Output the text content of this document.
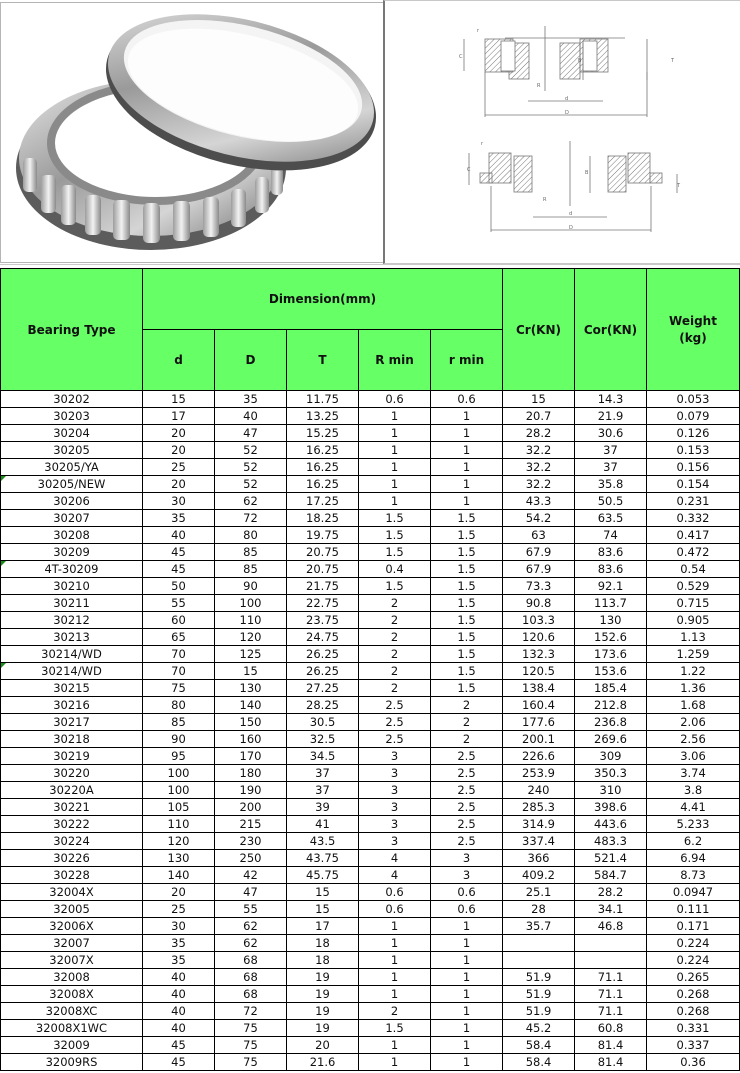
r
C
B	T
R
d
D
r
C	B
T
R
d
D
Bearing Type	Dimension(mm)					Cr(KN)	Cor(KN)	Weight (kg)
	d	D	T	R min	r min			
30202	15	35	11.75	0.6	0.6	15	14.3	0.053
30203	17	40	13.25	1	1	20.7	21.9	0.079
30204	20	47	15.25	1	1	28.2	30.6	0.126
30205	20	52	16.25	1	1	32.2	37	0.153
30205/YA	25	52	16.25	1	1	32.2	37	0.156
30205/NEW	20	52	16.25	1	1	32.2	35.8	0.154
30206	30	62	17.25	1	1	43.3	50.5	0.231
30207	35	72	18.25	1.5	1.5	54.2	63.5	0.332
30208	40	80	19.75	1.5	1.5	63	74	0.417
30209	45	85	20.75	1.5	1.5	67.9	83.6	0.472
4T-30209	45	85	20.75	0.4	1.5	67.9	83.6	0.54
30210	50	90	21.75	1.5	1.5	73.3	92.1	0.529
30211	55	100	22.75	2	1.5	90.8	113.7	0.715
30212	60	110	23.75	2	1.5	103.3	130	0.905
30213	65	120	24.75	2	1.5	120.6	152.6	1.13
30214/WD	70	125	26.25	2	1.5	132.3	173.6	1.259
30214/WD	70	15	26.25	2	1.5	120.5	153.6	1.22
30215	75	130	27.25	2	1.5	138.4	185.4	1.36
30216	80	140	28.25	2.5	2	160.4	212.8	1.68
30217	85	150	30.5	2.5	2	177.6	236.8	2.06
30218	90	160	32.5	2.5	2	200.1	269.6	2.56
30219	95	170	34.5	3	2.5	226.6	309	3.06
30220	100	180	37	3	2.5	253.9	350.3	3.74
30220A	100	190	37	3	2.5	240	310	3.8
30221	105	200	39	3	2.5	285.3	398.6	4.41
30222	110	215	41	3	2.5	314.9	443.6	5.233
30224	120	230	43.5	3	2.5	337.4	483.3	6.2
30226	130	250	43.75	4	3	366	521.4	6.94
30228	140	42	45.75	4	3	409.2	584.7	8.73
32004X	20	47	15	0.6	0.6	25.1	28.2	0.0947
32005	25	55	15	0.6	0.6	28	34.1	0.111
32006X	30	62	17	1	1	35.7	46.8	0.171
32007	35	62	18	1	1			0.224
32007X	35	68	18	1	1			0.224
32008	40	68	19	1	1	51.9	71.1	0.265
32008X	40	68	19	1	1	51.9	71.1	0.268
32008XC	40	72	19	2	1	51.9	71.1	0.268
32008X1WC	40	75	19	1.5	1	45.2	60.8	0.331
32009	45	75	20	1	1	58.4	81.4	0.337
32009RS	45	75	21.6	1	1	58.4	81.4	0.36
